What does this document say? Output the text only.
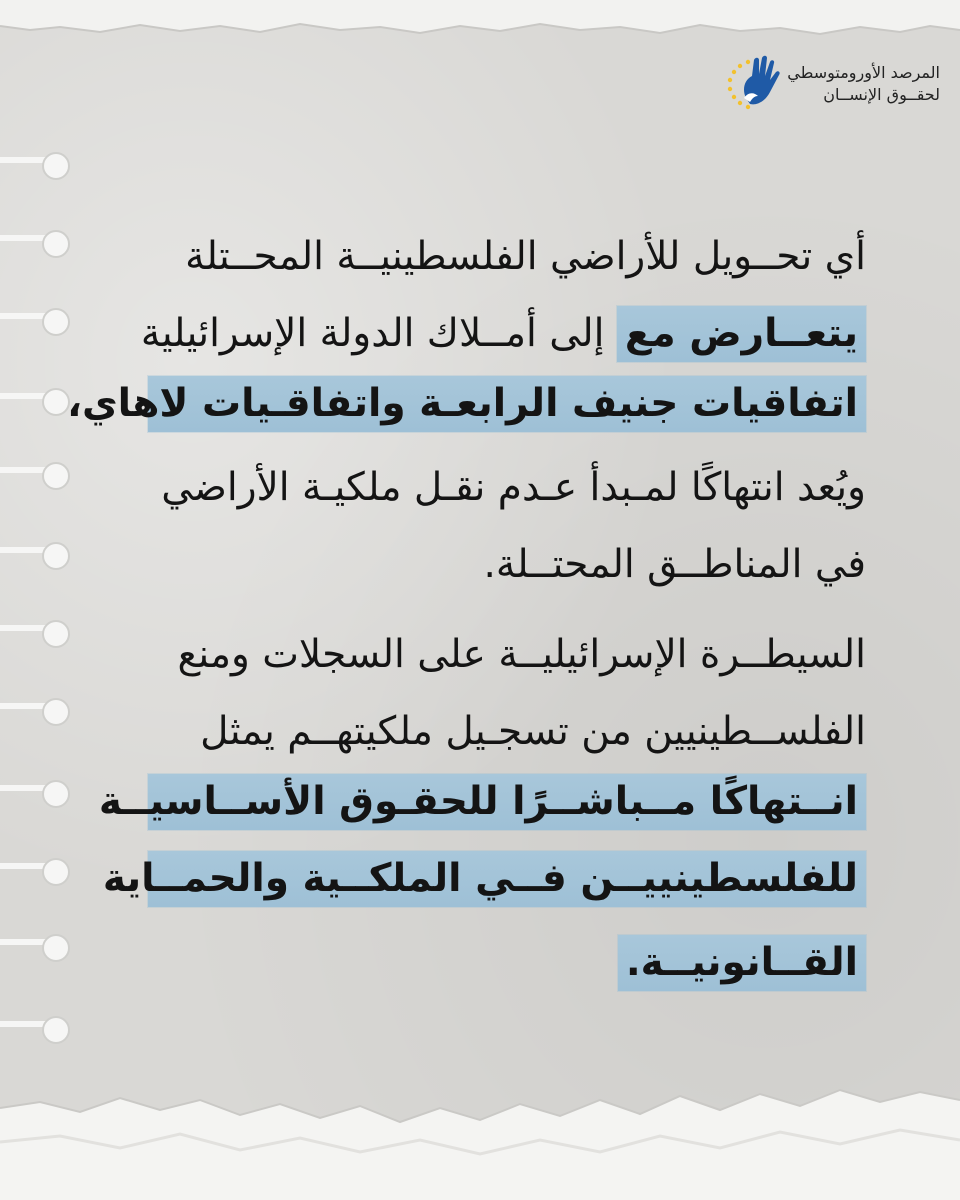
المرصد الأورومتوسطي
لحقــوق الإنســان
أي تحــويل للأراضي الفلسطينيــة المحــتلة
يتعــارض مع إلى أمــلاك الدولة الإسرائيلية
اتفاقيات جنيف الرابعـة واتفاقـيات لاهاي،
ويُعد انتهاكًا لمـبدأ عـدم نقـل ملكيـة الأراضي
في المناطــق المحتــلة.
السيطــرة الإسرائيليــة على السجلات ومنع
الفلســطينيين من تسجـيل ملكيتهــم يمثل
انــتهاكًا مــباشــرًا للحقـوق الأســاسيــة
للفلسطينييــن فــي الملكــية والحمــاية
القــانونيــة.
